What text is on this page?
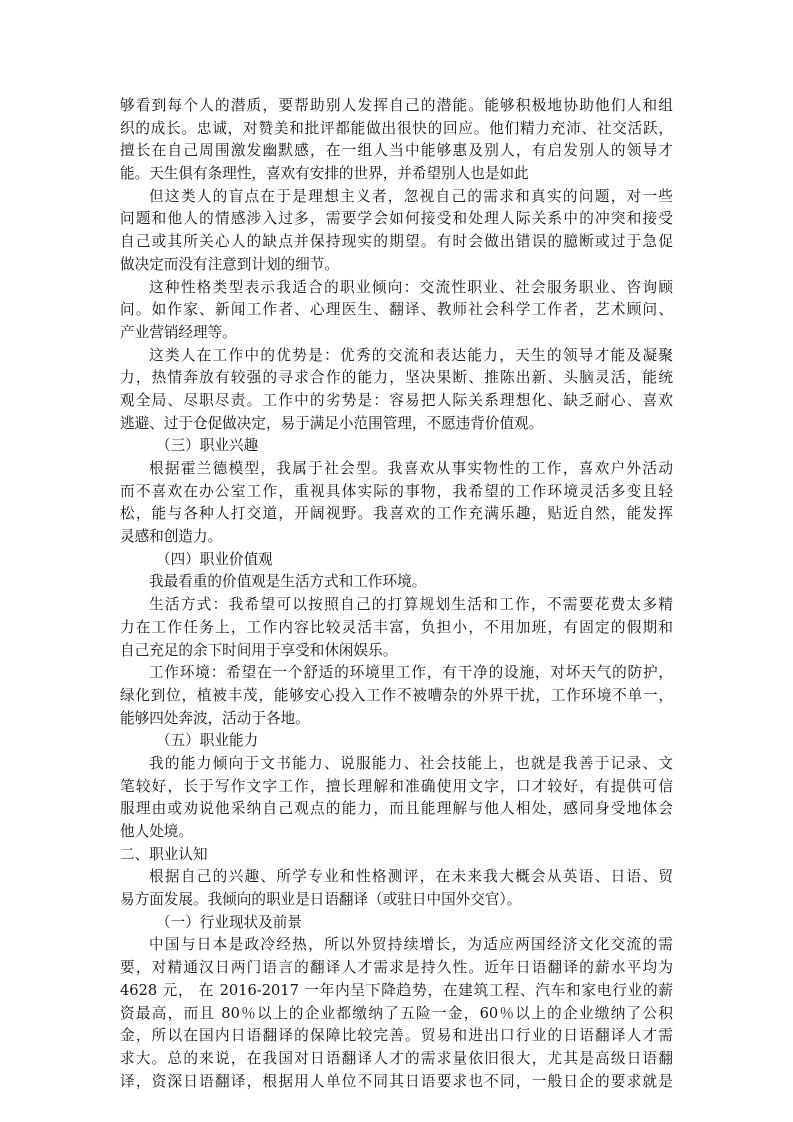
够看到每个人的潜质，要帮助别人发挥自己的潜能。能够积极地协助他们人和组
织的成长。忠诚，对赞美和批评都能做出很快的回应。他们精力充沛、社交活跃，
擅长在自己周围激发幽默感，在一组人当中能够惠及别人，有启发别人的领导才
能。天生俱有条理性，喜欢有安排的世界，并希望别人也是如此
但这类人的盲点在于是理想主义者，忽视自己的需求和真实的问题，对一些
问题和他人的情感涉入过多，需要学会如何接受和处理人际关系中的冲突和接受
自己或其所关心人的缺点并保持现实的期望。有时会做出错误的臆断或过于急促
做决定而没有注意到计划的细节。
这种性格类型表示我适合的职业倾向：交流性职业、社会服务职业、咨询顾
问。如作家、新闻工作者、心理医生、翻译、教师社会科学工作者，艺术顾问、
产业营销经理等。
这类人在工作中的优势是：优秀的交流和表达能力，天生的领导才能及凝聚
力，热情奔放有较强的寻求合作的能力，坚决果断、推陈出新、头脑灵活，能统
观全局、尽职尽责。工作中的劣势是：容易把人际关系理想化、缺乏耐心、喜欢
逃避、过于仓促做决定，易于满足小范围管理，不愿违背价值观。
（三）职业兴趣
根据霍兰德模型，我属于社会型。我喜欢从事实物性的工作，喜欢户外活动
而不喜欢在办公室工作，重视具体实际的事物，我希望的工作环境灵活多变且轻
松，能与各种人打交道，开阔视野。我喜欢的工作充满乐趣，贴近自然，能发挥
灵感和创造力。
（四）职业价值观
我最看重的价值观是生活方式和工作环境。
生活方式：我希望可以按照自己的打算规划生活和工作，不需要花费太多精
力在工作任务上，工作内容比较灵活丰富，负担小，不用加班，有固定的假期和
自己充足的余下时间用于享受和休闲娱乐。
工作环境：希望在一个舒适的环境里工作，有干净的设施，对坏天气的防护，
绿化到位，植被丰茂，能够安心投入工作不被嘈杂的外界干扰，工作环境不单一，
能够四处奔波，活动于各地。
（五）职业能力
我的能力倾向于文书能力、说服能力、社会技能上，也就是我善于记录、文
笔较好，长于写作文字工作，擅长理解和准确使用文字，口才较好，有提供可信
服理由或劝说他采纳自己观点的能力，而且能理解与他人相处，感同身受地体会
他人处境。
二、职业认知
根据自己的兴趣、所学专业和性格测评，在未来我大概会从英语、日语、贸
易方面发展。我倾向的职业是日语翻译（或驻日中国外交官）。
（一）行业现状及前景
中国与日本是政冷经热，所以外贸持续增长，为适应两国经济文化交流的需
要，对精通汉日两门语言的翻译人才需求是持久性。近年日语翻译的薪水平均为
4628 元， 在 2016-2017 一年内呈下降趋势，在建筑工程、汽车和家电行业的薪
资最高，而且 80％以上的企业都缴纳了五险一金，60％以上的企业缴纳了公积
金，所以在国内日语翻译的保障比较完善。贸易和进出口行业的日语翻译人才需
求大。总的来说，在我国对日语翻译人才的需求量依旧很大，尤其是高级日语翻
译，资深日语翻译，根据用人单位不同其日语要求也不同，一般日企的要求就是
